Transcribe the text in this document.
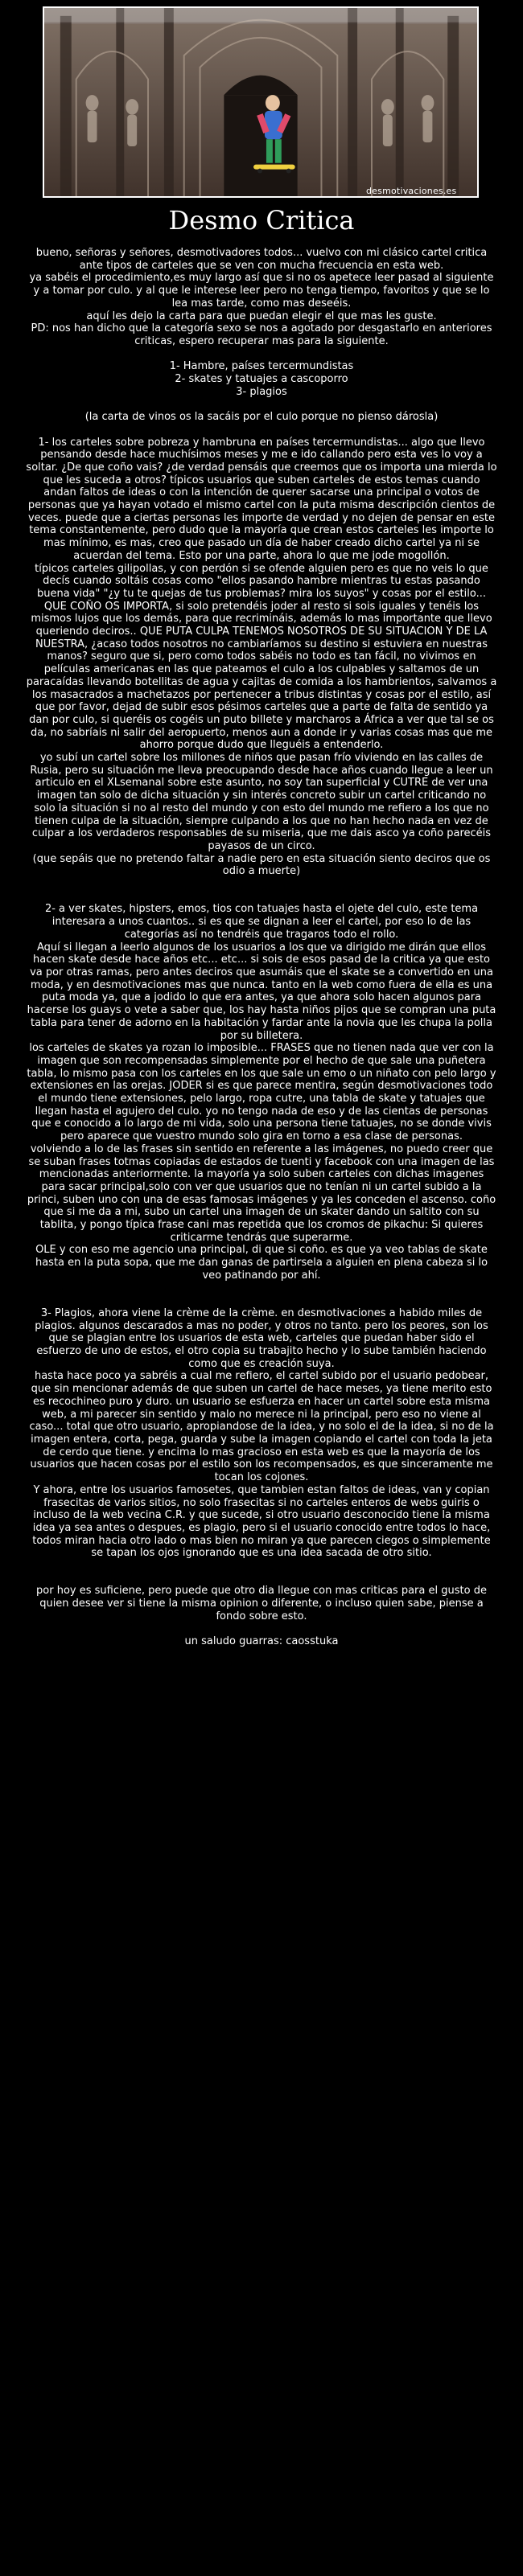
desmotivaciones.es
Desmo Critica

bueno, señoras y señores, desmotivadores todos... vuelvo con mi clásico cartel critica ante tipos de carteles que se ven con mucha frecuencia en esta web.
ya sabéis el procedimiento,es muy largo así que si no os apetece leer pasad al siguiente y a tomar por culo. y al que le interese leer pero no tenga tiempo, favoritos y que se lo lea mas tarde, como mas deseéis.
aquí les dejo la carta para que puedan elegir el que mas les guste.
PD: nos han dicho que la categoría sexo se nos a agotado por desgastarlo en anteriores criticas, espero recuperar mas para la siguiente.

1- Hambre, países tercermundistas
2- skates y tatuajes a cascoporro
3- plagios

(la carta de vinos os la sacáis por el culo porque no pienso dárosla)

1- los carteles sobre pobreza y hambruna en países tercermundistas... algo que llevo pensando desde hace muchísimos meses y me e ido callando pero esta ves lo voy a soltar. ¿De que coño vais? ¿de verdad pensáis que creemos que os importa una mierda lo que les suceda a otros? típicos usuarios que suben carteles de estos temas cuando andan faltos de ideas o con la intención de querer sacarse una principal o votos de personas que ya hayan votado el mismo cartel con la puta misma descripción cientos de veces. puede que a ciertas personas les importe de verdad y no dejen de pensar en este tema constantemente, pero dudo que la mayoría que crean estos carteles les importe lo mas mínimo, es mas, creo que pasado un día de haber creado dicho cartel ya ni se acuerdan del tema. Esto por una parte, ahora lo que me jode mogollón.
típicos carteles gilipollas, y con perdón si se ofende alguien pero es que no veis lo que decís cuando soltáis cosas como "ellos pasando hambre mientras tu estas pasando buena vida" "¿y tu te quejas de tus problemas? mira los suyos" y cosas por el estilo... QUE COÑO OS IMPORTA, si solo pretendéis joder al resto si sois iguales y tenéis los mismos lujos que los demás, para que recrimináis, además lo mas importante que llevo queriendo deciros.. QUE PUTA CULPA TENEMOS NOSOTROS DE SU SITUACION Y DE LA NUESTRA, ¿acaso todos nosotros no cambiaríamos su destino si estuviera en nuestras manos? seguro que si, pero como todos sabéis no todo es tan fácil, no vivimos en películas americanas en las que pateamos el culo a los culpables y saltamos de un paracaídas llevando botellitas de agua y cajitas de comida a los hambrientos, salvamos a los masacrados a machetazos por pertenecer a tribus distintas y cosas por el estilo, así que por favor, dejad de subir esos pésimos carteles que a parte de falta de sentido ya dan por culo, si queréis os cogéis un puto billete y marcharos a África a ver que tal se os da, no sabríais ni salir del aeropuerto, menos aun a donde ir y varias cosas mas que me ahorro porque dudo que lleguéis a entenderlo.
yo subí un cartel sobre los millones de niños que pasan frío viviendo en las calles de Rusia, pero su situación me lleva preocupando desde hace años cuando llegue a leer un articulo en el XLsemanal sobre este asunto, no soy tan superficial y CUTRE de ver una imagen tan solo de dicha situación y sin interés concreto subir un cartel criticando no solo la situación si no al resto del mundo y con esto del mundo me refiero a los que no tienen culpa de la situación, siempre culpando a los que no han hecho nada en vez de culpar a los verdaderos responsables de su miseria, que me dais asco ya coño parecéis payasos de un circo.
(que sepáis que no pretendo faltar a nadie pero en esta situación siento deciros que os odio a muerte)

2- a ver skates, hipsters, emos, tios con tatuajes hasta el ojete del culo, este tema interesara a unos cuantos.. si es que se dignan a leer el cartel, por eso lo de las categorías así no tendréis que tragaros todo el rollo.
Aquí si llegan a leerlo algunos de los usuarios a los que va dirigido me dirán que ellos hacen skate desde hace años etc... etc... si sois de esos pasad de la critica ya que esto va por otras ramas, pero antes deciros que asumáis que el skate se a convertido en una moda, y en desmotivaciones mas que nunca. tanto en la web como fuera de ella es una puta moda ya, que a jodido lo que era antes, ya que ahora solo hacen algunos para hacerse los guays o vete a saber que, los hay hasta niños pijos que se compran una puta tabla para tener de adorno en la habitación y fardar ante la novia que les chupa la polla por su billetera.
los carteles de skates ya rozan lo imposible... FRASES que no tienen nada que ver con la imagen que son recompensadas simplemente por el hecho de que sale una puñetera tabla, lo mismo pasa con los carteles en los que sale un emo o un niñato con pelo largo y extensiones en las orejas. JODER si es que parece mentira, según desmotivaciones todo el mundo tiene extensiones, pelo largo, ropa cutre, una tabla de skate y tatuajes que llegan hasta el agujero del culo. yo no tengo nada de eso y de las cientas de personas que e conocido a lo largo de mi vida, solo una persona tiene tatuajes, no se donde vivis pero aparece que vuestro mundo solo gira en torno a esa clase de personas.
volviendo a lo de las frases sin sentido en referente a las imágenes, no puedo creer que se suban frases totmas copiadas de estados de tuenti y facebook con una imagen de las mencionadas anteriormente. la mayoría ya solo suben carteles con dichas imagenes para sacar principal,solo con ver que usuarios que no tenían ni un cartel subido a la princi, suben uno con una de esas famosas imágenes y ya les conceden el ascenso. coño que si me da a mi, subo un cartel una imagen de un skater dando un saltito con su tablita, y pongo típica frase cani mas repetida que los cromos de pikachu: Si quieres criticarme tendrás que superarme.
OLE y con eso me agencio una principal, di que si coño. es que ya veo tablas de skate hasta en la puta sopa, que me dan ganas de partirsela a alguien en plena cabeza si lo veo patinando por ahí.

3- Plagios, ahora viene la crème de la crème. en desmotivaciones a habido miles de plagios. algunos descarados a mas no poder, y otros no tanto. pero los peores, son los que se plagian entre los usuarios de esta web, carteles que puedan haber sido el esfuerzo de uno de estos, el otro copia su trabajito hecho y lo sube también haciendo como que es creación suya.
hasta hace poco ya sabréis a cual me refiero, el cartel subido por el usuario pedobear, que sin mencionar además de que suben un cartel de hace meses, ya tiene merito esto es recochineo puro y duro. un usuario se esfuerza en hacer un cartel sobre esta misma web, a mi parecer sin sentido y malo no merece ni la principal, pero eso no viene al caso... total que otro usuario, apropiandose de la idea, y no solo el de la idea, si no de la imagen entera, corta, pega, guarda y sube la imagen copiando el cartel con toda la jeta de cerdo que tiene. y encima lo mas gracioso en esta web es que la mayoría de los usuarios que hacen cosas por el estilo son los recompensados, es que sinceramente me tocan los cojones.
Y ahora, entre los usuarios famosetes, que tambien estan faltos de ideas, van y copian frasecitas de varios sitios, no solo frasecitas si no carteles enteros de webs guiris o incluso de la web vecina C.R. y que sucede, si otro usuario desconocido tiene la misma idea ya sea antes o despues, es plagio, pero si el usuario conocido entre todos lo hace, todos miran hacia otro lado o mas bien no miran ya que parecen ciegos o simplemente se tapan los ojos ignorando que es una idea sacada de otro sitio.

por hoy es suficiene, pero puede que otro dia llegue con mas criticas para el gusto de quien desee ver si tiene la misma opinion o diferente, o incluso quien sabe, piense a fondo sobre esto.

un saludo guarras: caosstuka
